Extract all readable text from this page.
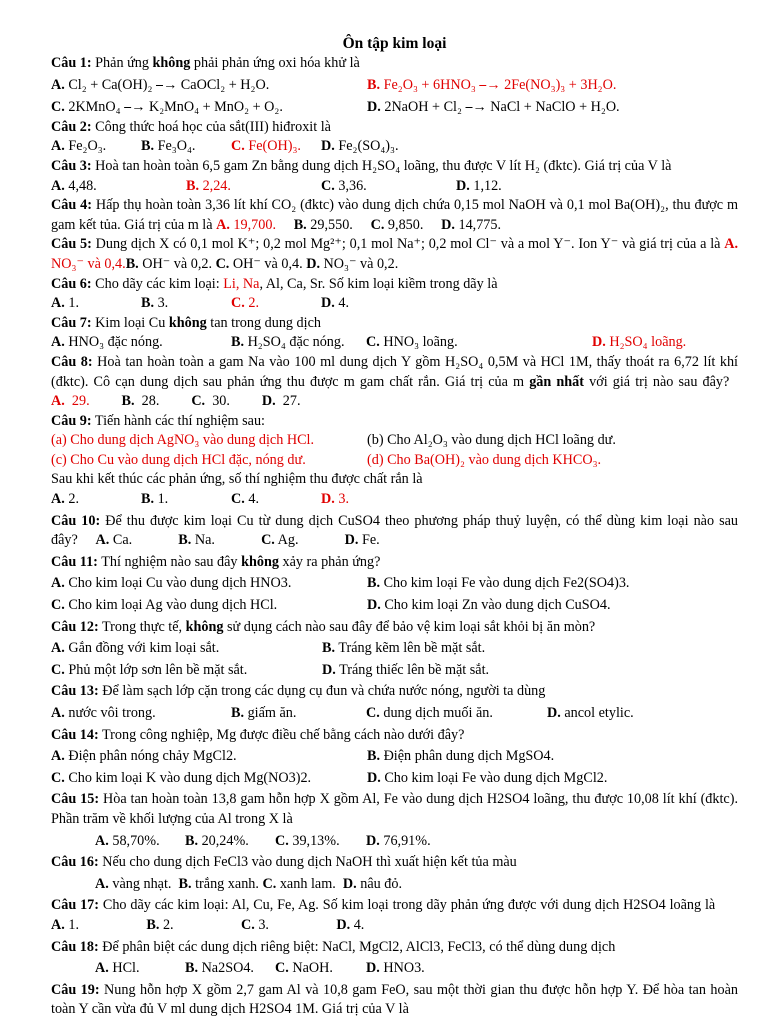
Ôn tập kim loại

Câu 1: Phản ứng không phải phản ứng oxi hóa khử là

A. Cl₂ + Ca(OH)₂ ⎯→ CaOCl₂ + H₂O.	B. Fe₂O₃ + 6HNO₃ ⎯→ 2Fe(NO₃)₃ + 3H₂O.
C. 2KMnO₄ ⎯→ K₂MnO₄ + MnO₂ + O₂.	D. 2NaOH + Cl₂ ⎯→ NaCl + NaClO + H₂O.

Câu 2: Công thức hoá học của sắt(III) hiđroxit là

A. Fe₂O₃.	B. Fe₃O₄.	C. Fe(OH)₃.	D. Fe₂(SO₄)₃.

Câu 3: Hoà tan hoàn toàn 6,5 gam Zn bằng dung dịch H₂SO₄ loãng, thu được V lít H₂ (đktc). Giá trị của V là

A. 4,48.	B. 2,24.	C. 3,36.	D. 1,12.

Câu 4: Hấp thụ hoàn toàn 3,36 lít khí CO₂ (đktc) vào dung dịch chứa 0,15 mol NaOH và 0,1 mol Ba(OH)₂, thu được m gam kết tủa. Giá trị của m là A. 19,700. B. 29,550. C. 9,850. D. 14,775.

Câu 5: Dung dịch X có 0,1 mol K⁺; 0,2 mol Mg²⁺; 0,1 mol Na⁺; 0,2 mol Cl⁻ và a mol Y⁻. Ion Y⁻ và giá trị của a là A. NO₃⁻ và 0,4.B. OH⁻ và 0,2. C. OH⁻ và 0,4. D. NO₃⁻ và 0,2.

Câu 6: Cho dãy các kim loại: Li, Na, Al, Ca, Sr. Số kim loại kiềm trong dãy là

A. 1.	B. 3.	C. 2.	D. 4.

Câu 7: Kim loại Cu không tan trong dung dịch

A. HNO₃ đặc nóng.	B. H₂SO₄ đặc nóng.	C. HNO₃ loãng.	D. H₂SO₄ loãng.

Câu 8: Hoà tan hoàn toàn a gam Na vào 100 ml dung dịch Y gồm H₂SO₄ 0,5M và HCl 1M, thấy thoát ra 6,72 lít khí (đktc). Cô cạn dung dịch sau phản ứng thu được m gam chất rắn. Giá trị của m gần nhất với giá trị nào sau đây?   A. 29. B. 28. C. 30. D. 27.

Câu 9: Tiến hành các thí nghiệm sau:

(a) Cho dung dịch AgNO₃ vào dung dịch HCl.	(b) Cho Al₂O₃ vào dung dịch HCl loãng dư.
(c) Cho Cu vào dung dịch HCl đặc, nóng dư.	(d) Cho Ba(OH)₂ vào dung dịch KHCO₃.

Sau khi kết thúc các phản ứng, số thí nghiệm thu được chất rắn là

A. 2.	B. 1.	C. 4.	D. 3.

Câu 10: Để thu được kim loại Cu từ dung dịch CuSO4 theo phương pháp thuỷ luyện, có thể dùng kim loại nào sau đây? A. Ca.	B. Na.	C. Ag.	D. Fe.

Câu 11: Thí nghiệm nào sau đây không xảy ra phản ứng?

A. Cho kim loại Cu vào dung dịch HNO3.	B. Cho kim loại Fe vào dung dịch Fe2(SO4)3.
C. Cho kim loại Ag vào dung dịch HCl.	D. Cho kim loại Zn vào dung dịch CuSO4.

Câu 12: Trong thực tế, không sử dụng cách nào sau đây để bảo vệ kim loại sắt khỏi bị ăn mòn?

A. Gắn đồng với kim loại sắt.	B. Tráng kẽm lên bề mặt sắt.
C. Phủ một lớp sơn lên bề mặt sắt.	D. Tráng thiếc lên bề mặt sắt.

Câu 13: Để làm sạch lớp cặn trong các dụng cụ đun và chứa nước nóng, người ta dùng

A. nước vôi trong.	B. giấm ăn.	C. dung dịch muối ăn.	D. ancol etylic.

Câu 14: Trong công nghiệp, Mg được điều chế bằng cách nào dưới đây?

A. Điện phân nóng chảy MgCl2.	B. Điện phân dung dịch MgSO4.
C. Cho kim loại K vào dung dịch Mg(NO3)2.	D. Cho kim loại Fe vào dung dịch MgCl2.

Câu 15: Hòa tan hoàn toàn 13,8 gam hỗn hợp X gồm Al, Fe vào dung dịch H2SO4 loãng, thu được 10,08 lít khí (đktc). Phần trăm về khối lượng của Al trong X là

A. 58,70%.	B. 20,24%.	C. 39,13%.	D. 76,91%.

Câu 16: Nếu cho dung dịch FeCl3 vào dung dịch NaOH thì xuất hiện kết tủa màu

A. vàng nhạt. B. trắng xanh. C. xanh lam. D. nâu đỏ.

Câu 17: Cho dãy các kim loại: Al, Cu, Fe, Ag. Số kim loại trong dãy phản ứng được với dung dịch H2SO4 loãng là       A. 1.	B. 2.	C. 3.	D. 4.

Câu 18: Để phân biệt các dung dịch riêng biệt: NaCl, MgCl2, AlCl3, FeCl3, có thể dùng dung dịch

A. HCl.	B. Na2SO4.	C. NaOH.	D. HNO3.

Câu 19: Nung hỗn hợp X gồm 2,7 gam Al và 10,8 gam FeO, sau một thời gian thu được hỗn hợp Y. Để hòa tan hoàn toàn Y cần vừa đủ V ml dung dịch H2SO4 1M. Giá trị của V là
